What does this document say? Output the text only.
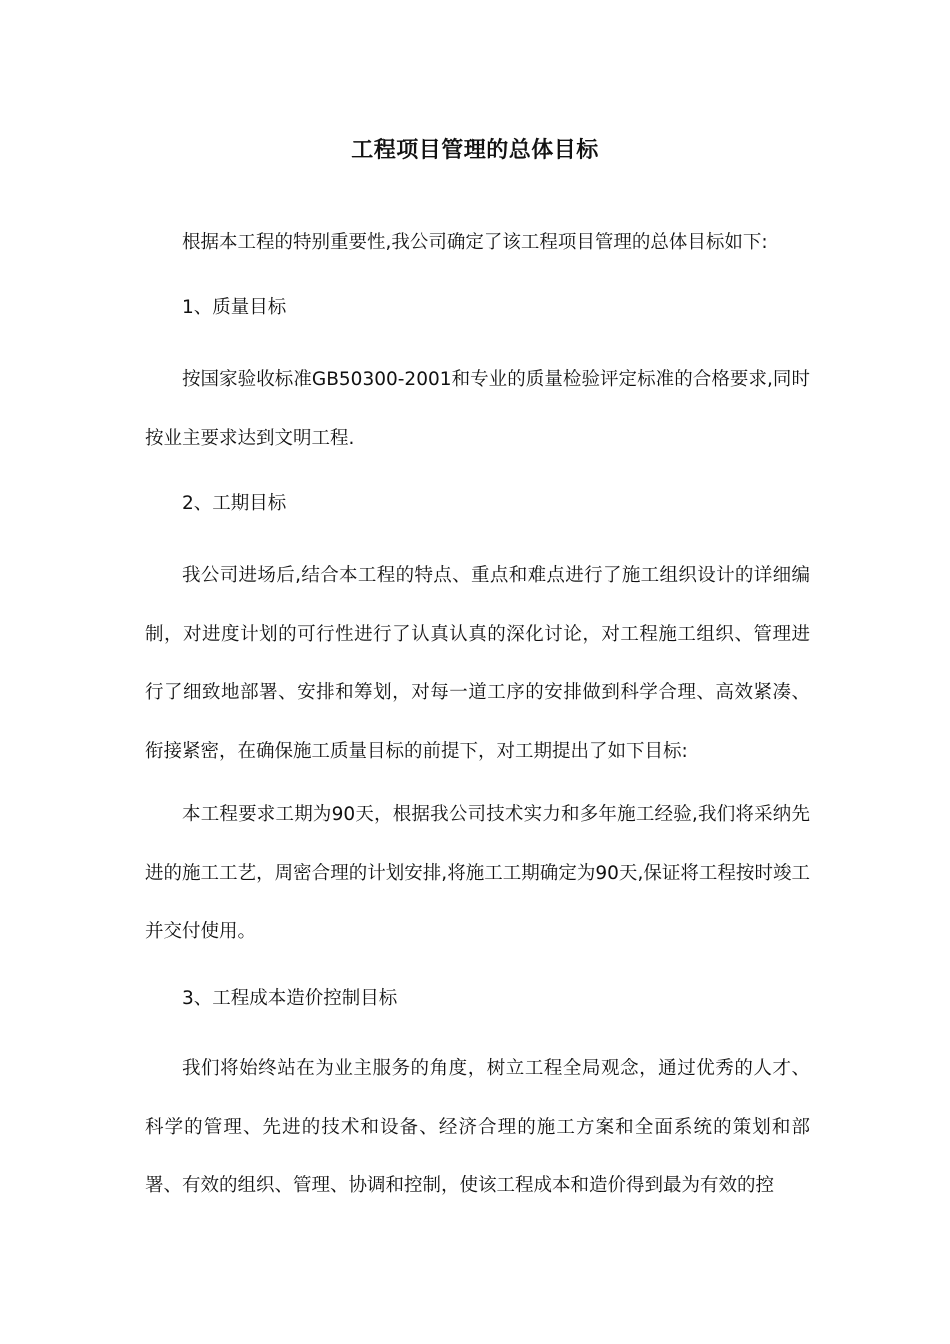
工程项目管理的总体目标

根据本工程的特别重要性,我公司确定了该工程项目管理的总体目标如下:

1、质量目标

按国家验收标准GB50300-2001和专业的质量检验评定标准的合格要求,同时按业主要求达到文明工程.

2、工期目标

我公司进场后,结合本工程的特点、重点和难点进行了施工组织设计的详细编制，对进度计划的可行性进行了认真认真的深化讨论，对工程施工组织、管理进行了细致地部署、安排和筹划，对每一道工序的安排做到科学合理、高效紧凑、衔接紧密，在确保施工质量目标的前提下，对工期提出了如下目标:

本工程要求工期为90天，根据我公司技术实力和多年施工经验,我们将采纳先进的施工工艺，周密合理的计划安排,将施工工期确定为90天,保证将工程按时竣工并交付使用。

3、工程成本造价控制目标

我们将始终站在为业主服务的角度，树立工程全局观念，通过优秀的人才、科学的管理、先进的技术和设备、经济合理的施工方案和全面系统的策划和部署、有效的组织、管理、协调和控制，使该工程成本和造价得到最为有效的控
